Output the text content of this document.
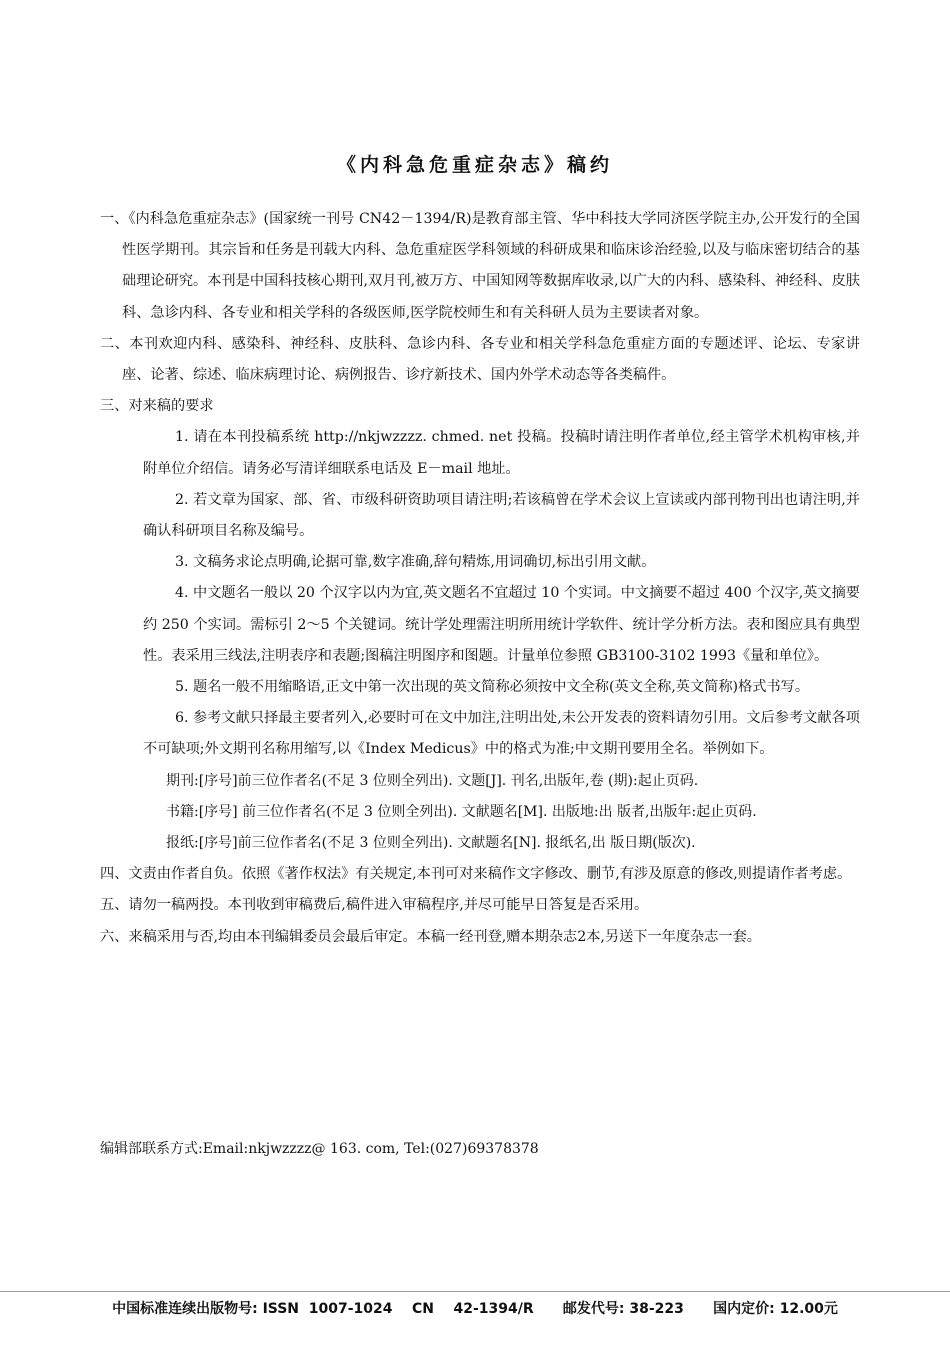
《内科急危重症杂志》稿约

一、《内科急危重症杂志》(国家统一刊号 CN42－1394/R)是教育部主管、华中科技大学同济医学院主办,公开发行的全国性医学期刊。其宗旨和任务是刊载大内科、急危重症医学科领域的科研成果和临床诊治经验,以及与临床密切结合的基础理论研究。本刊是中国科技核心期刊,双月刊,被万方、中国知网等数据库收录,以广大的内科、感染科、神经科、皮肤科、急诊内科、各专业和相关学科的各级医师,医学院校师生和有关科研人员为主要读者对象。

二、本刊欢迎内科、感染科、神经科、皮肤科、急诊内科、各专业和相关学科急危重症方面的专题述评、论坛、专家讲座、论著、综述、临床病理讨论、病例报告、诊疗新技术、国内外学术动态等各类稿件。

三、对来稿的要求

1. 请在本刊投稿系统 http://nkjwzzzz. chmed. net 投稿。投稿时请注明作者单位,经主管学术机构审核,并附单位介绍信。请务必写清详细联系电话及 E－mail 地址。

2. 若文章为国家、部、省、市级科研资助项目请注明;若该稿曾在学术会议上宣读或内部刊物刊出也请注明,并确认科研项目名称及编号。

3. 文稿务求论点明确,论据可靠,数字准确,辞句精炼,用词确切,标出引用文献。

4. 中文题名一般以 20 个汉字以内为宜,英文题名不宜超过 10 个实词。中文摘要不超过 400 个汉字,英文摘要约 250 个实词。需标引 2～5 个关键词。统计学处理需注明所用统计学软件、统计学分析方法。表和图应具有典型性。表采用三线法,注明表序和表题;图稿注明图序和图题。计量单位参照 GB3100-3102 1993《量和单位》。

5. 题名一般不用缩略语,正文中第一次出现的英文简称必须按中文全称(英文全称,英文简称)格式书写。

6. 参考文献只择最主要者列入,必要时可在文中加注,注明出处,未公开发表的资料请勿引用。文后参考文献各项不可缺项;外文期刊名称用缩写,以《Index Medicus》中的格式为准;中文期刊要用全名。举例如下。

期刊:[序号]前三位作者名(不足 3 位则全列出). 文题[J]. 刊名,出版年,卷 (期):起止页码.

书籍:[序号] 前三位作者名(不足 3 位则全列出). 文献题名[M]. 出版地:出 版者,出版年:起止页码.

报纸:[序号]前三位作者名(不足 3 位则全列出). 文献题名[N]. 报纸名,出 版日期(版次).

四、文责由作者自负。依照《著作权法》有关规定,本刊可对来稿作文字修改、删节,有涉及原意的修改,则提请作者考虑。

五、请勿一稿两投。本刊收到审稿费后,稿件进入审稿程序,并尽可能早日答复是否采用。

六、来稿采用与否,均由本刊编辑委员会最后审定。本稿一经刊登,赠本期杂志2本,另送下一年度杂志一套。

编辑部联系方式:Email:nkjwzzzz@ 163. com, Tel:(027)69378378
中国标准连续出版物号: ISSN  1007-1024    CN    42-1394/R      邮发代号: 38-223      国内定价: 12.00元
